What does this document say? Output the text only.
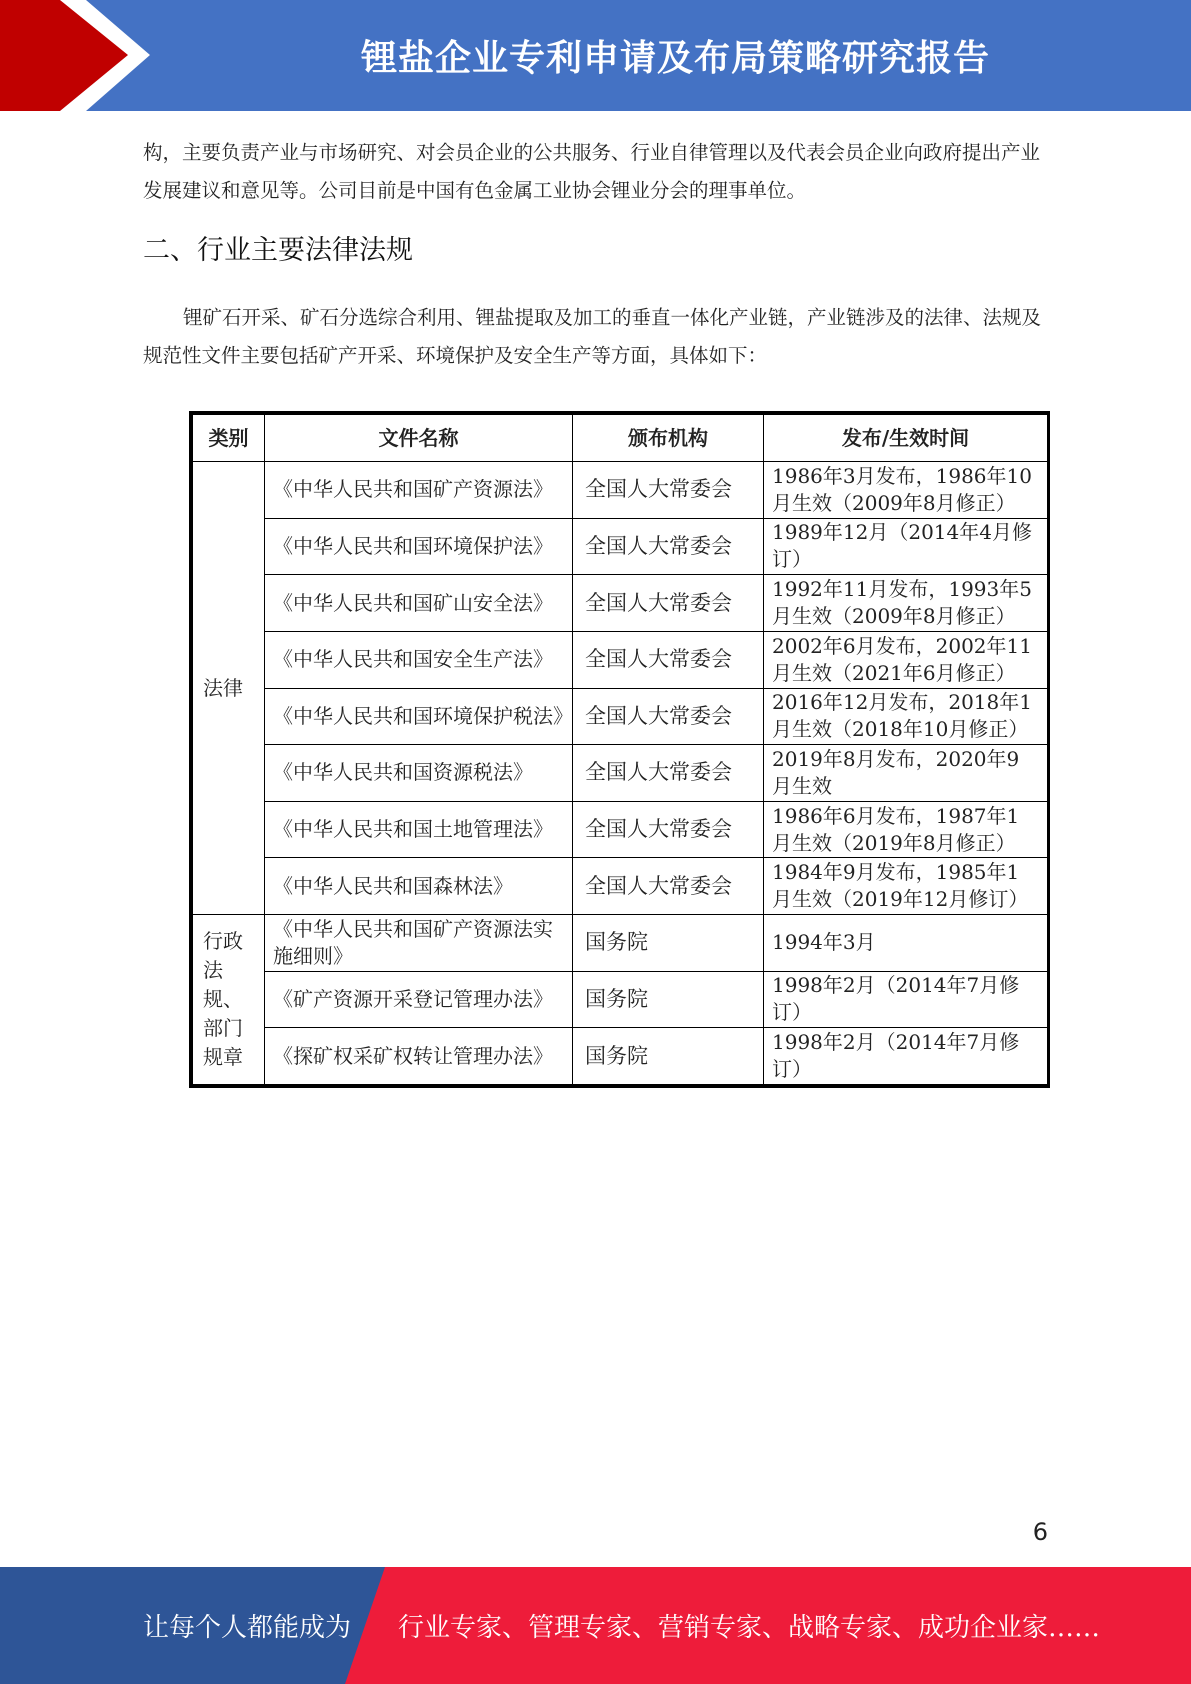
锂盐企业专利申请及布局策略研究报告
构，主要负责产业与市场研究、对会员企业的公共服务、行业自律管理以及代表会员企业向政府提出产业发展建议和意见等。公司目前是中国有色金属工业协会锂业分会的理事单位。
二、行业主要法律法规
锂矿石开采、矿石分选综合利用、锂盐提取及加工的垂直一体化产业链，产业链涉及的法律、法规及规范性文件主要包括矿产开采、环境保护及安全生产等方面，具体如下：
类别	文件名称	颁布机构	发布/生效时间
法律	《中华人民共和国矿产资源法》	全国人大常委会	1986年3月发布，1986年10月生效（2009年8月修正）
	《中华人民共和国环境保护法》	全国人大常委会	1989年12月（2014年4月修订）
	《中华人民共和国矿山安全法》	全国人大常委会	1992年11月发布，1993年5月生效（2009年8月修正）
	《中华人民共和国安全生产法》	全国人大常委会	2002年6月发布，2002年11月生效（2021年6月修正）
	《中华人民共和国环境保护税法》	全国人大常委会	2016年12月发布，2018年1月生效（2018年10月修正）
	《中华人民共和国资源税法》	全国人大常委会	2019年8月发布，2020年9月生效
	《中华人民共和国土地管理法》	全国人大常委会	1986年6月发布，1987年1月生效（2019年8月修正）
	《中华人民共和国森林法》	全国人大常委会	1984年9月发布，1985年1月生效（2019年12月修订）
行政法规、部门规章	《中华人民共和国矿产资源法实施细则》	国务院	1994年3月
	《矿产资源开采登记管理办法》	国务院	1998年2月（2014年7月修订）
	《探矿权采矿权转让管理办法》	国务院	1998年2月（2014年7月修订）
6
让每个人都能成为 行业专家、管理专家、营销专家、战略专家、成功企业家……
